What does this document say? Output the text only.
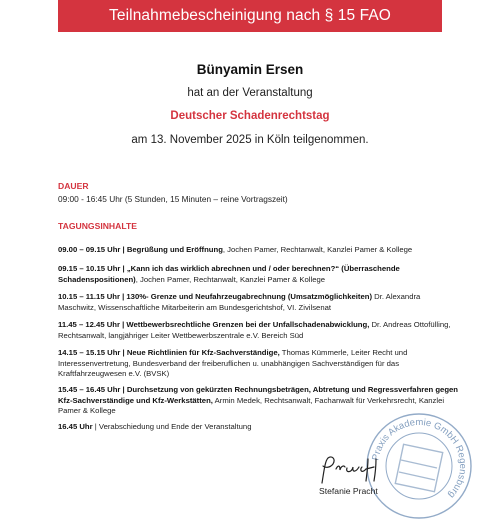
Teilnahmebescheinigung nach § 15 FAO
Bünyamin Ersen
hat an der Veranstaltung
Deutscher Schadenrechtstag
am 13. November 2025 in Köln teilgenommen.
DAUER
09:00 - 16:45 Uhr (5 Stunden, 15 Minuten – reine Vortragszeit)
TAGUNGSINHALTE
09.00 – 09.15 Uhr | Begrüßung und Eröffnung, Jochen Pamer, Rechtanwalt, Kanzlei Pamer & Kollege
09.15 – 10.15 Uhr | „Kann ich das wirklich abrechnen und / oder berechnen?“ (Überraschende Schadenspositionen), Jochen Pamer, Rechtanwalt, Kanzlei Pamer & Kollege
10.15 – 11.15 Uhr | 130%- Grenze und Neufahrzeugabrechnung (Umsatzmöglichkeiten) Dr. Alexandra Maschwitz, Wissenschaftliche Mitarbeiterin am Bundesgerichtshof, VI. Zivilsenat
11.45 – 12.45 Uhr | Wettbewerbsrechtliche Grenzen bei der Unfallschadenabwicklung, Dr. Andreas Ottofülling, Rechtsanwalt, langjähriger Leiter Wettbewerbszentrale e.V. Bereich Süd
14.15 – 15.15 Uhr | Neue Richtlinien für Kfz-Sachverständige, Thomas Kümmerle, Leiter Recht und Interessenvertretung, Bundesverband der freiberuflichen u. unabhängigen Sachverständigen für das Kraftfahrzeugwesen e.V. (BVSK)
15.45 – 16.45 Uhr | Durchsetzung von gekürzten Rechnungsbeträgen, Abtretung und Regressverfahren gegen Kfz-Sachverständige und Kfz-Werkstätten, Armin Medek, Rechtsanwalt, Fachanwalt für Verkehrsrecht, Kanzlei Pamer & Kollege
16.45 Uhr | Verabschiedung und Ende der Veranstaltung
Praxis Akademie GmbH Regensburg
Stefanie Pracht
